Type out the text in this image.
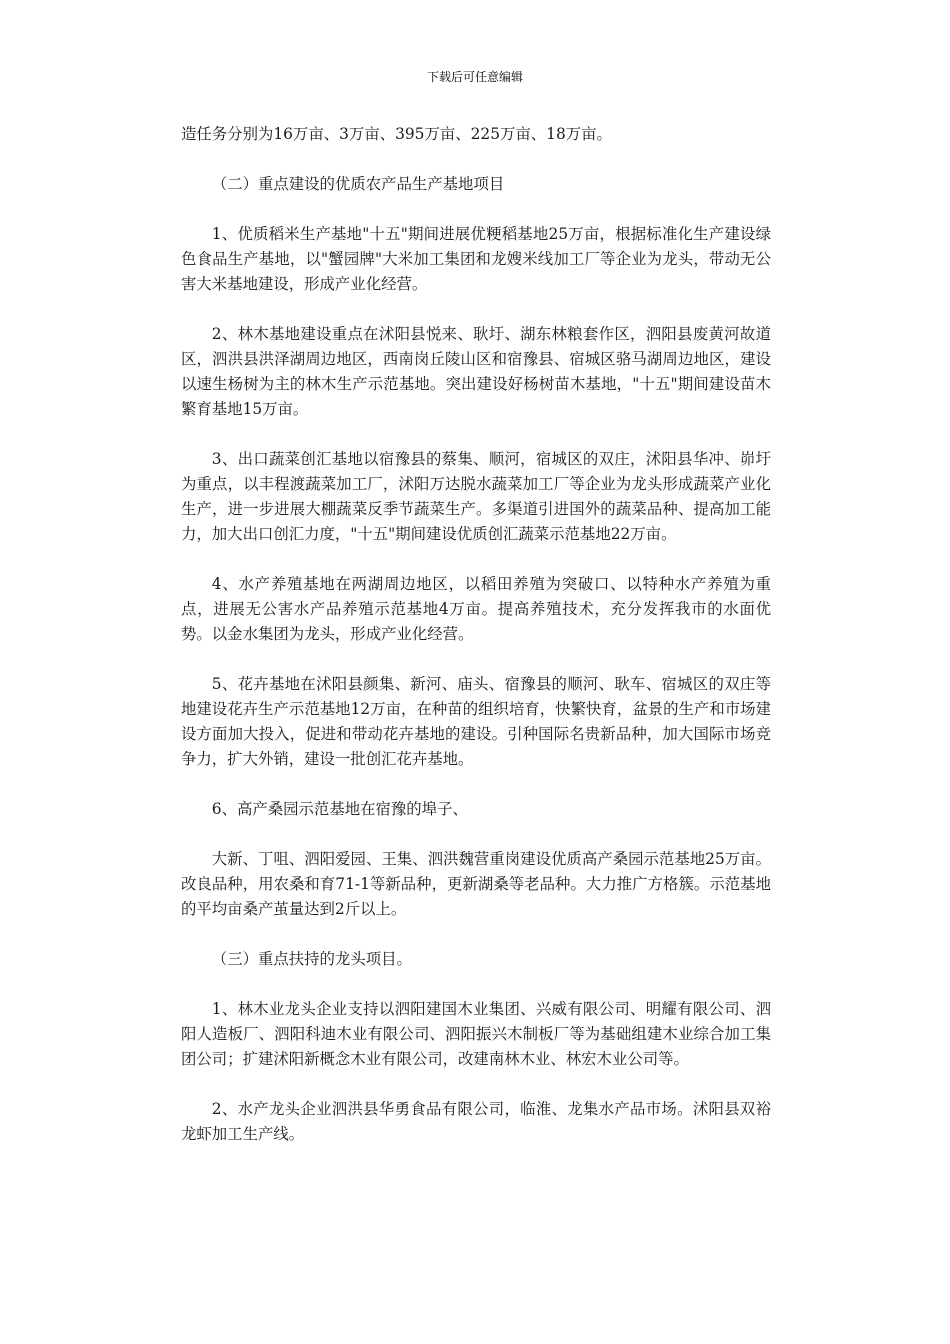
下载后可任意编辑

造任务分别为16万亩、3万亩、395万亩、225万亩、18万亩。

（二）重点建设的优质农产品生产基地项目

1、优质稻米生产基地"十五"期间进展优粳稻基地25万亩，根据标准化生产建设绿色食品生产基地，以"蟹园牌"大米加工集团和龙嫂米线加工厂等企业为龙头，带动无公害大米基地建设，形成产业化经营。

2、林木基地建设重点在沭阳县悦来、耿圩、湖东林粮套作区，泗阳县废黄河故道区，泗洪县洪泽湖周边地区，西南岗丘陵山区和宿豫县、宿城区骆马湖周边地区，建设以速生杨树为主的林木生产示范基地。突出建设好杨树苗木基地，"十五"期间建设苗木繁育基地15万亩。

3、出口蔬菜创汇基地以宿豫县的蔡集、顺河，宿城区的双庄，沭阳县华冲、峁圩为重点，以丰程渡蔬菜加工厂，沭阳万达脱水蔬菜加工厂等企业为龙头形成蔬菜产业化生产，进一步进展大棚蔬菜反季节蔬菜生产。多渠道引进国外的蔬菜品种、提高加工能力，加大出口创汇力度，"十五"期间建设优质创汇蔬菜示范基地22万亩。

4、水产养殖基地在两湖周边地区，以稻田养殖为突破口、以特种水产养殖为重点，进展无公害水产品养殖示范基地4万亩。提高养殖技术，充分发挥我市的水面优势。以金水集团为龙头，形成产业化经营。

5、花卉基地在沭阳县颜集、新河、庙头、宿豫县的顺河、耿车、宿城区的双庄等地建设花卉生产示范基地12万亩，在种苗的组织培育，快繁快育，盆景的生产和市场建设方面加大投入，促进和带动花卉基地的建设。引种国际名贵新品种，加大国际市场竞争力，扩大外销，建设一批创汇花卉基地。

6、高产桑园示范基地在宿豫的埠子、

大新、丁咀、泗阳爱园、王集、泗洪魏营重岗建设优质高产桑园示范基地25万亩。改良品种，用农桑和育71-1等新品种，更新湖桑等老品种。大力推广方格簇。示范基地的平均亩桑产茧量达到2斤以上。

（三）重点扶持的龙头项目。

1、林木业龙头企业支持以泗阳建国木业集团、兴威有限公司、明耀有限公司、泗阳人造板厂、泗阳科迪木业有限公司、泗阳振兴木制板厂等为基础组建木业综合加工集团公司；扩建沭阳新概念木业有限公司，改建南林木业、林宏木业公司等。

2、水产龙头企业泗洪县华勇食品有限公司，临淮、龙集水产品市场。沭阳县双裕龙虾加工生产线。
